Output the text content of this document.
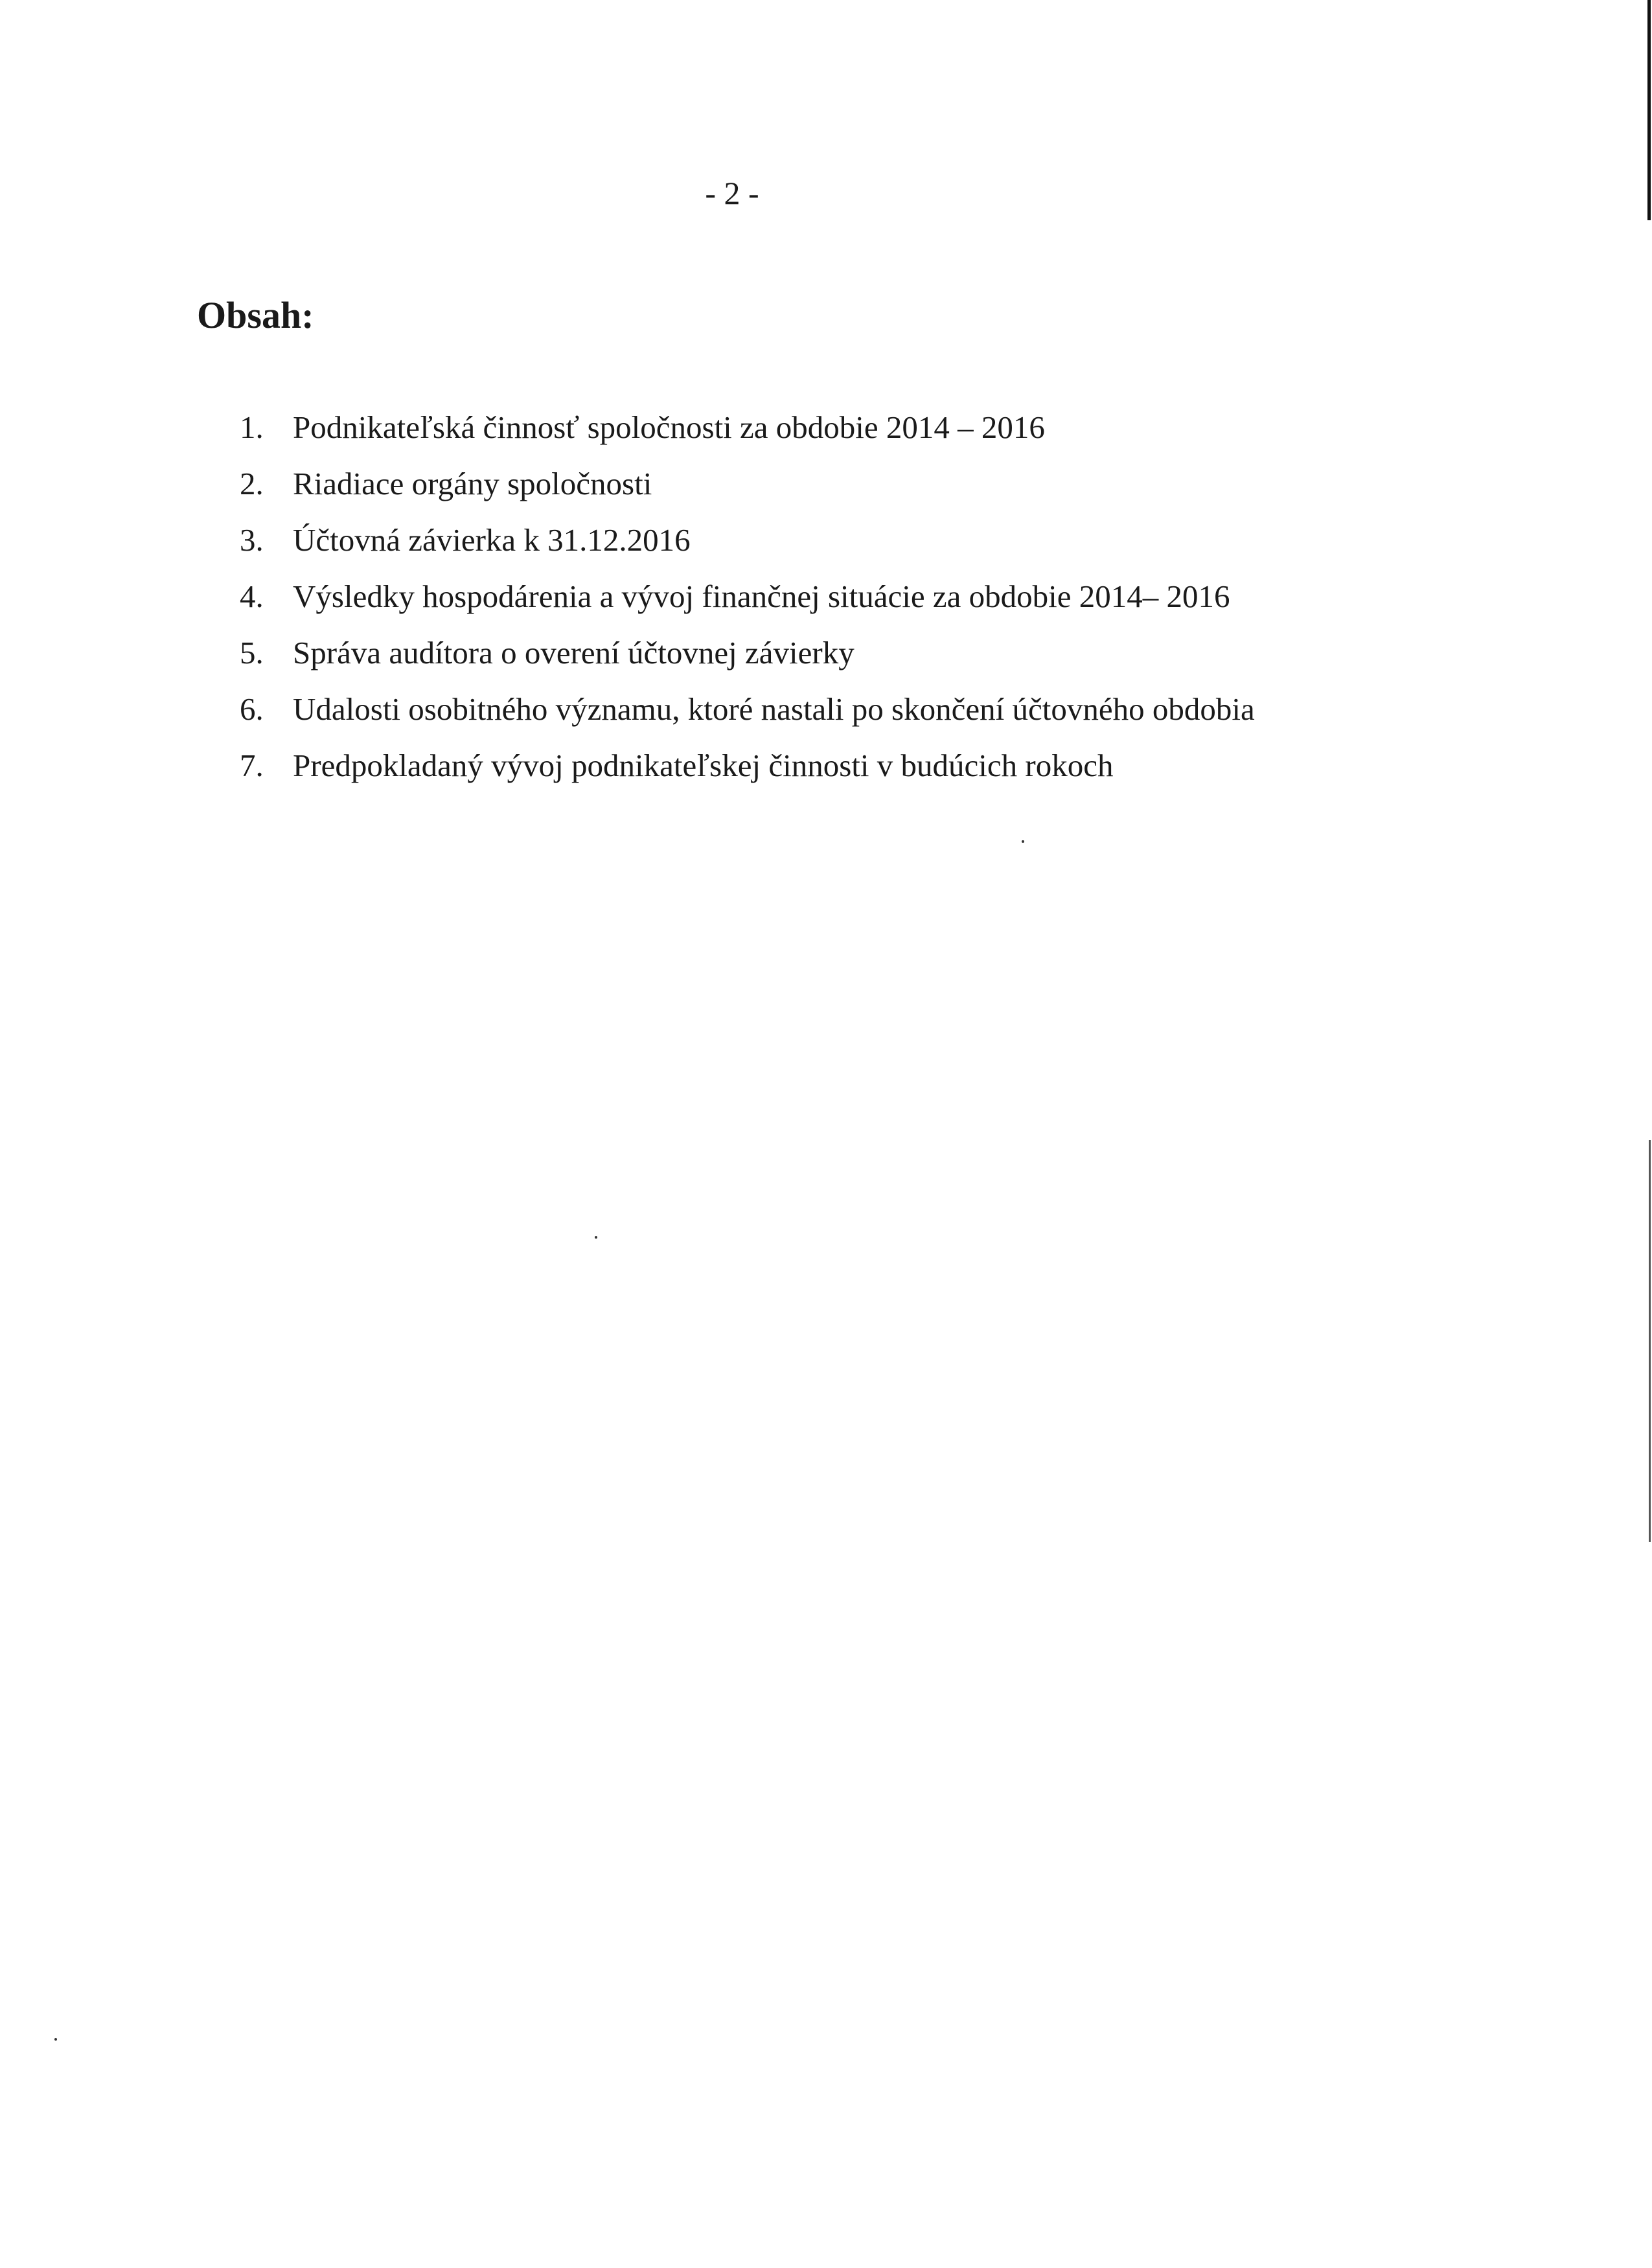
- 2 -
Obsah:
1. Podnikateľská činnosť spoločnosti za obdobie 2014 – 2016
2. Riadiace orgány spoločnosti
3. Účtovná závierka k 31.12.2016
4. Výsledky hospodárenia a vývoj finančnej situácie za obdobie 2014– 2016
5. Správa audítora o overení účtovnej závierky
6. Udalosti osobitného významu, ktoré nastali po skončení účtovného obdobia
7. Predpokladaný vývoj podnikateľskej činnosti v budúcich rokoch
